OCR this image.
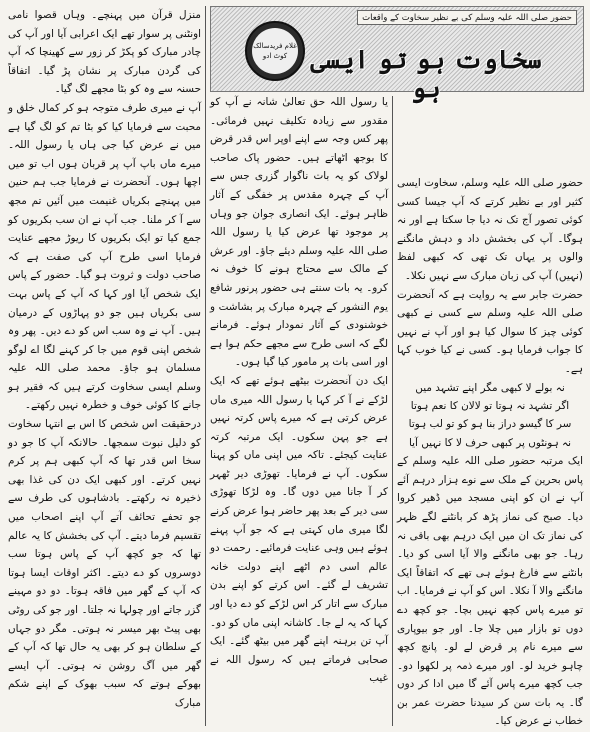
حضور صلی اللہ علیہ وسلم کی بے نظیر سخاوت کے واقعات
غلام فریدسالک
کوٹ ادو سخاوت ہو تو ایسی ہو

حضور صلی اللہ علیہ وسلم، سخاوت ایسی کثیر اور بے نظیر کرتے کہ آپ جیسا کسی کوئی تصور آج تک نہ دیا جا سکتا ہے اور نہ ہوگا۔ آپ کی بخشش داد و دہش مانگنے والوں پر یہاں تک تھی کہ کبھی لفظ (نہیں) آپ کی زبان مبارک سے نہیں نکلا۔

حضرت جابر سے یہ روایت ہے کہ آنحضرت صلی اللہ علیہ وسلم سے کسی نے کبھی کوئی چیز کا سوال کیا ہو اور آپ نے نہیں کا جواب فرمایا ہو۔ کسی نے کیا خوب کہا ہے۔

نہ بولے لا کبھی مگر اپنے تشہد میں
اگر تشہد نہ ہوتا تو لالان کا نعم ہوتا
سر کا گیسو دراز بنا ہو کو تو لب ہوتا
نہ ہونٹوں پر کبھی حرف لا کا نہیں آیا

ایک مرتبہ حضور صلی اللہ علیہ وسلم کے پاس بحرین کے ملک سے نوے ہزار درہم آئے آپ نے ان کو اپنی مسجد میں ڈھیر کروا دیا۔ صبح کی نماز پڑھ کر بانٹنے لگے ظہر کی نماز تک ان میں ایک درہم بھی باقی نہ رہا۔ جو بھی مانگنے والا آیا اسی کو دیا۔ بانٹنے سے فارغ ہوئے ہی تھے کہ اتفاقاً ایک مانگنے والا آ نکلا۔ اس کو آپ نے فرمایا۔ اب تو میرے پاس کچھ نہیں بچا۔ جو کچھ دے دوں تو بازار میں چلا جا۔ اور جو بیوپاری سے میرے نام پر قرض لے لو۔ پانچ کچھ چاہو خرید لو۔ اور میرے ذمہ پر لکھوا دو۔ جب کچھ میرے پاس آئے گا میں ادا کر دوں گا۔ یہ بات سن کر سیدنا حضرت عمر بن خطاب نے عرض کیا۔

یا رسول اللہ حق تعالیٰ شانہ نے آپ کو مقدور سے زیادہ تکلیف نہیں فرمائی۔ پھر کس وجہ سے اپنے اوپر اس قدر قرض کا بوجھ اٹھاتے ہیں۔ حضور پاک صاحب لولاک کو یہ بات ناگوار گزری جس سے آپ کے چہرہ مقدس پر خفگی کے آثار ظاہر ہوئے۔ ایک انصاری جوان جو وہاں پر موجود تھا عرض کیا یا رسول اللہ صلی اللہ علیہ وسلم دیئے جاؤ۔ اور عرش کے مالک سے محتاج ہونے کا خوف نہ کرو۔ یہ بات سنتے ہی حضور پرنور شافع یوم النشور کے چہرہ مبارک پر بشاشت و خوشنودی کے آثار نمودار ہوئے۔ فرمانے لگے کہ اسی طرح سے مجھے حکم ہوا ہے اور اسی بات پر مامور کیا گیا ہوں۔

ایک دن آنحضرت بیٹھے ہوئے تھے کہ ایک لڑکے نے آ کر کہا یا رسول اللہ میری ماں عرض کرتی ہے کہ میرے پاس کرتہ نہیں ہے جو پہن سکوں۔ ایک مرتبہ کرتہ عنایت کیجئے۔ تاکہ میں اپنی ماں کو پہنا سکوں۔ آپ نے فرمایا۔ تھوڑی دیر ٹھہر کر آ جانا میں دوں گا۔ وہ لڑکا تھوڑی سی دیر کے بعد پھر حاضر ہوا عرض کرنے لگا میری ماں کہتی ہے کہ جو آپ پہنے ہوئے ہیں وہی عنایت فرمائیے۔ رحمت دو عالم اسی دم اٹھے اپنے دولت خانہ تشریف لے گئے۔ اس کرتے کو اپنے بدن مبارک سے اتار کر اس لڑکے کو دے دیا اور کہا کہ یہ لے جا۔ کاشانہ اپنی ماں کو دو۔ آپ تن برہنہ اپنے گھر میں بیٹھ گئے۔ ایک صحابی فرماتے ہیں کہ رسول اللہ نے غیب

منزل قرآن میں پہنچے۔ وہاں قصوا نامی اونٹنی پر سوار تھے ایک اعرابی آیا اور آپ کی چادر مبارک کو پکڑ کر زور سے کھینچا کہ آپ کی گردن مبارک پر نشان پڑ گیا۔ اتفاقاً حسنہ سے وہ کو بٹا مجھے لگ گیا۔

آپ نے میری طرف متوجہ ہو کر کمال خلق و محبت سے فرمایا کیا کو بٹا تم کو لگ گیا ہے میں نے عرض کیا جی ہاں یا رسول اللہ۔ میرے ماں باپ آپ پر قربان ہوں اب تو میں اچھا ہوں۔ آنحضرت نے فرمایا جب ہم حنین میں پہنچے بکریاں غنیمت میں آئیں تم مجھ سے آ کر ملنا۔ جب آپ نے ان سب بکریوں کو جمع کیا تو ایک بکریوں کا ریوڑ مجھے عنایت فرمایا اسی طرح آپ کی صفت ہے کہ صاحب دولت و ثروت ہو گیا۔ حضور کے پاس ایک شخص آیا اور کہا کہ آپ کے پاس بہت سی بکریاں ہیں جو دو پہاڑوں کے درمیان ہیں۔ آپ نے وہ سب اس کو دے دیں۔ پھر وہ شخص اپنی قوم میں جا کر کہنے لگا اے لوگو مسلمان ہو جاؤ۔ محمد صلی اللہ علیہ وسلم ایسی سخاوت کرتے ہیں کہ فقیر ہو جانے کا کوئی خوف و خطرہ نہیں رکھتے۔

درحقیقت اس شخص کا اس بے انتہا سخاوت کو دلیل نبوت سمجھا۔ حالانکہ آپ کا جو دو سخا اس قدر تھا کہ آپ کبھی ہم پر کرم نہیں کرتے۔ اور کبھی ایک دن کی غذا بھی ذخیرہ نہ رکھتے۔ بادشاہوں کی طرف سے جو تحفے تحائف آتے آپ اپنے اصحاب میں تقسیم فرما دیتے۔ آپ کی بخشش کا یہ عالم تھا کہ جو کچھ آپ کے پاس ہوتا سب دوسروں کو دے دیتے۔ اکثر اوقات ایسا ہوتا کہ آپ کے گھر میں فاقہ ہوتا۔ دو دو مہینے گزر جاتے اور چولہا نہ جلتا۔ اور جو کی روٹی بھی پیٹ بھر میسر نہ ہوتی۔ مگر دو جہاں کے سلطان ہو کر بھی یہ حال تھا کہ آپ کے گھر میں آگ روشن نہ ہوتی۔ آپ ایسے بھوکے ہوتے کہ سبب بھوک کے اپنے شکم مبارک
